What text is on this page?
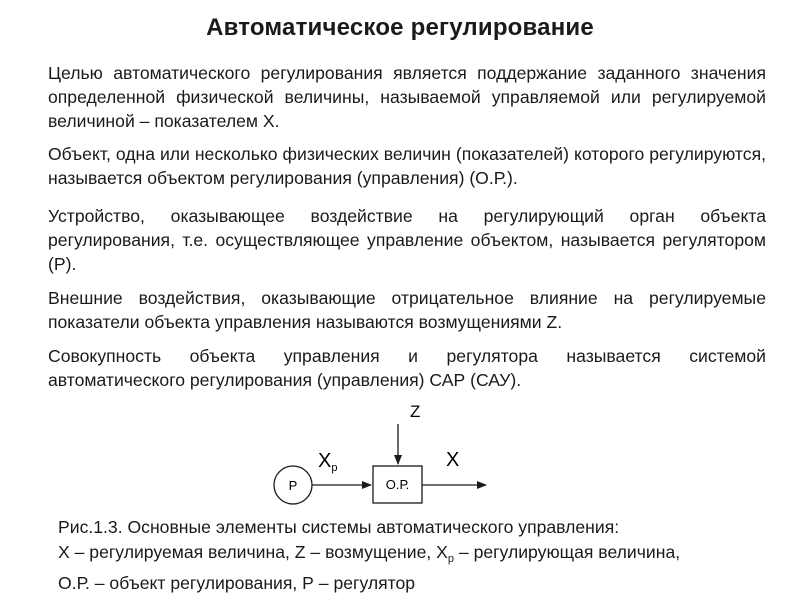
Автоматическое регулирование
Целью автоматического регулирования является поддержание заданного значения определенной физической величины, называемой управляемой или регулируемой величиной – показателем X.
Объект, одна или несколько физических величин (показателей) которого регулируются, называется объектом регулирования (управления) (О.Р.).
Устройство, оказывающее воздействие на регулирующий орган объекта регулирования, т.е. осуществляющее управление объектом, называется регулятором (Р).
Внешние воздействия, оказывающие отрицательное влияние на регулируемые показатели объекта управления называются возмущениями Z.
Совокупность объекта управления и регулятора называется системой автоматического регулирования (управления) САР (САУ).
Р	О.Р.
Z
X
$X_р$
Рис.1.3. Основные элементы системы автоматического управления:
X – регулируемая величина, Z – возмущение, $X_р$ – регулирующая величина,
О.Р. – объект регулирования, Р – регулятор
